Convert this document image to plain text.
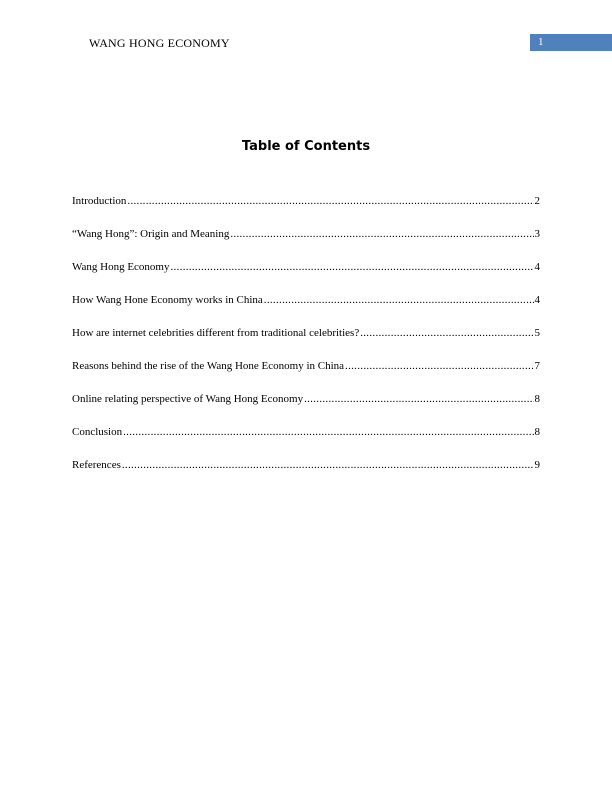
WANG HONG ECONOMY	1
Table of Contents
Introduction .....	2
“Wang Hong”: Origin and Meaning .....	3
Wang Hong Economy .....	4
How Wang Hone Economy works in China .....	4
How are internet celebrities different from traditional celebrities? .....	5
Reasons behind the rise of the Wang Hone Economy in China .....	7
Online relating perspective of Wang Hong Economy .....	8
Conclusion .....	8
References .....	9
